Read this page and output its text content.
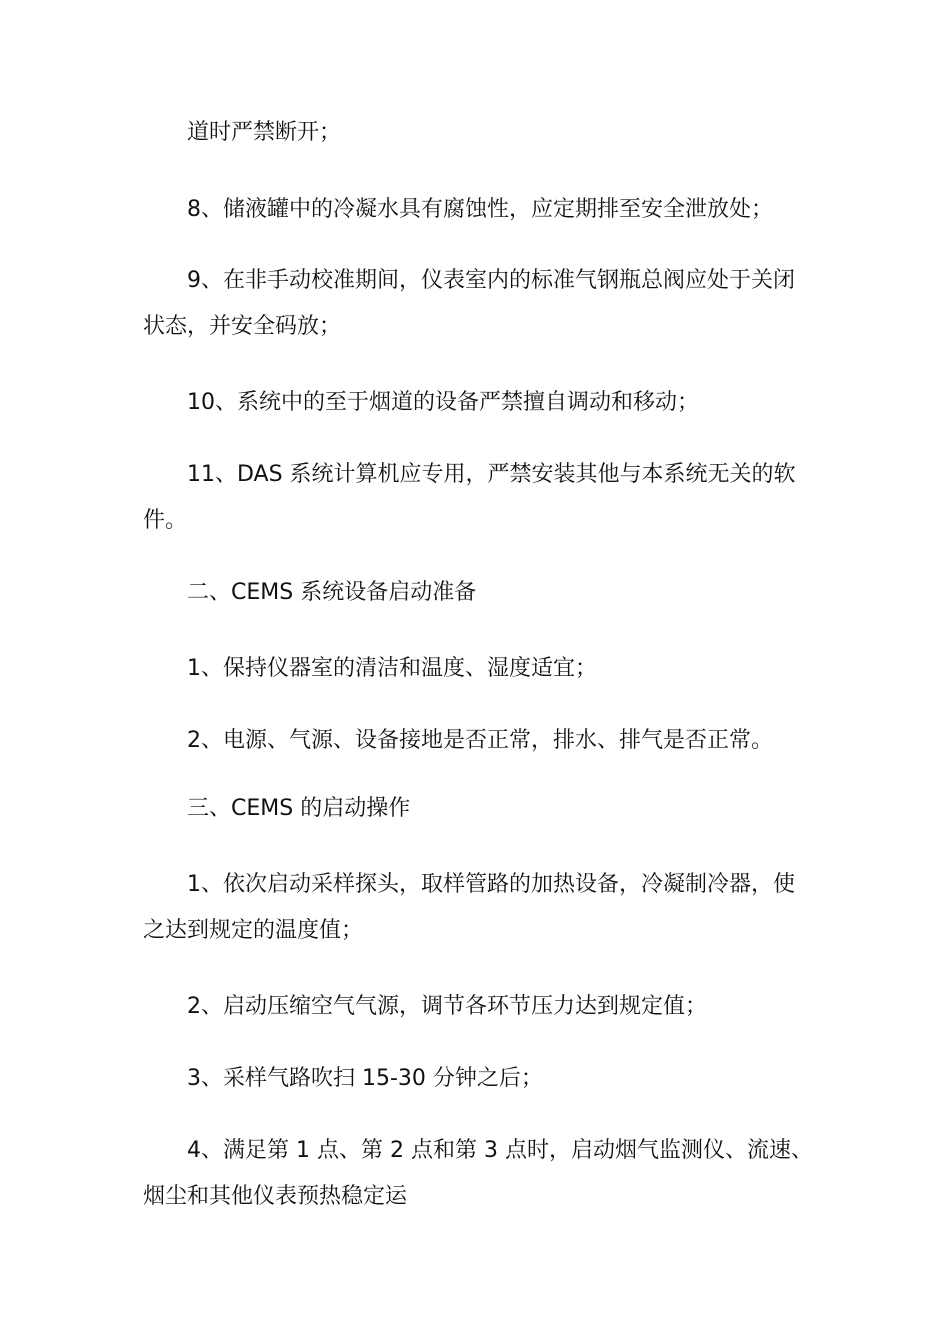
道时严禁断开；

8、储液罐中的冷凝水具有腐蚀性，应定期排至安全泄放处；

9、在非手动校准期间，仪表室内的标准气钢瓶总阀应处于关闭状态，并安全码放；

10、系统中的至于烟道的设备严禁擅自调动和移动；

11、DAS 系统计算机应专用，严禁安装其他与本系统无关的软件。

二、CEMS 系统设备启动准备

1、保持仪器室的清洁和温度、湿度适宜；

2、电源、气源、设备接地是否正常，排水、排气是否正常。

三、CEMS 的启动操作

1、依次启动采样探头，取样管路的加热设备，冷凝制冷器，使之达到规定的温度值；

2、启动压缩空气气源，调节各环节压力达到规定值；

3、采样气路吹扫 15-30 分钟之后；

4、满足第 1 点、第 2 点和第 3 点时，启动烟气监测仪、流速、烟尘和其他仪表预热稳定运
